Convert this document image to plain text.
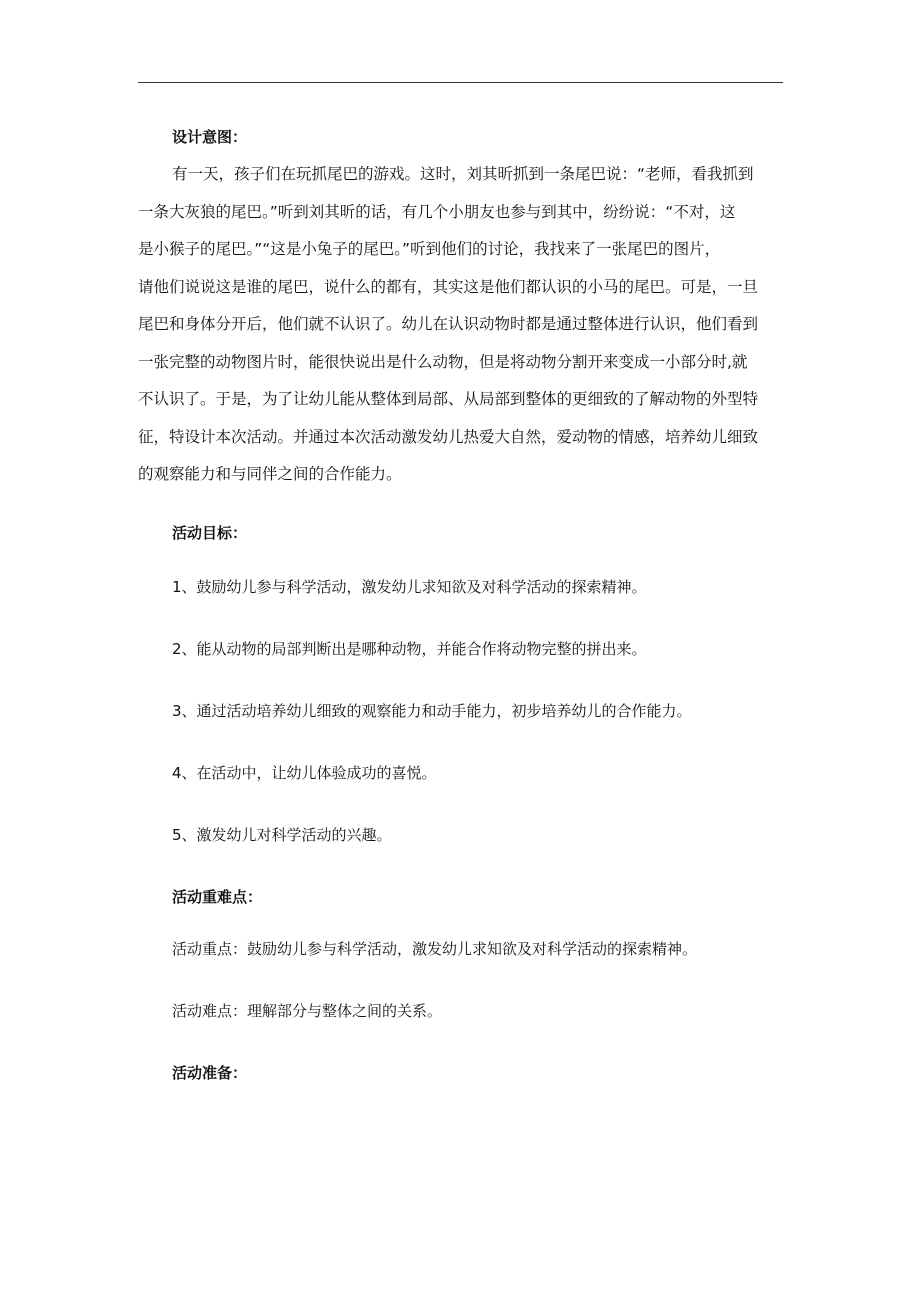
设计意图：
有一天，孩子们在玩抓尾巴的游戏。这时，刘其昕抓到一条尾巴说：“老师，看我抓到
一条大灰狼的尾巴。”听到刘其昕的话，有几个小朋友也参与到其中，纷纷说：“不对，这
是小猴子的尾巴。”“这是小兔子的尾巴。”听到他们的讨论，我找来了一张尾巴的图片，
请他们说说这是谁的尾巴，说什么的都有，其实这是他们都认识的小马的尾巴。可是，一旦
尾巴和身体分开后，他们就不认识了。幼儿在认识动物时都是通过整体进行认识，他们看到
一张完整的动物图片时，能很快说出是什么动物，但是将动物分割开来变成一小部分时,就
不认识了。于是，为了让幼儿能从整体到局部、从局部到整体的更细致的了解动物的外型特
征，特设计本次活动。并通过本次活动激发幼儿热爱大自然，爱动物的情感，培养幼儿细致
的观察能力和与同伴之间的合作能力。
活动目标：
1、鼓励幼儿参与科学活动，激发幼儿求知欲及对科学活动的探索精神。
2、能从动物的局部判断出是哪种动物，并能合作将动物完整的拼出来。
3、通过活动培养幼儿细致的观察能力和动手能力，初步培养幼儿的合作能力。
4、在活动中，让幼儿体验成功的喜悦。
5、激发幼儿对科学活动的兴趣。
活动重难点：
活动重点：鼓励幼儿参与科学活动，激发幼儿求知欲及对科学活动的探索精神。
活动难点：理解部分与整体之间的关系。
活动准备：
